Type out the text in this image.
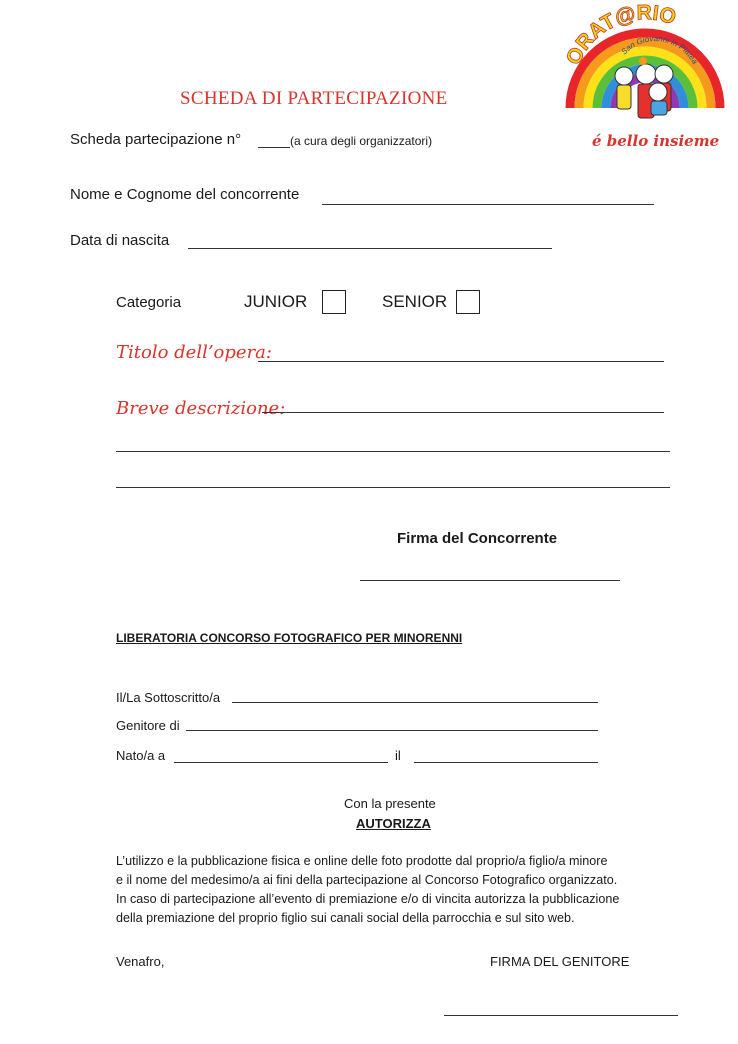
ORAT@RIO
San Giovanni in Platea
é bello insieme
SCHEDA DI PARTECIPAZIONE
Scheda partecipazione n°	(a cura degli organizzatori)
Nome e Cognome del concorrente
Data di nascita
Categoria	JUNIOR	SENIOR
Titolo dell’opera:
Breve descrizione:
Firma del Concorrente
LIBERATORIA CONCORSO FOTOGRAFICO PER MINORENNI
Il/La Sottoscritto/a
Genitore di
Nato/a a	il
Con la presente
AUTORIZZA
L’utilizzo e la pubblicazione fisica e online delle foto prodotte dal proprio/a figlio/a minore
e il nome del medesimo/a ai fini della partecipazione al Concorso Fotografico organizzato.
In caso di partecipazione all’evento di premiazione e/o di vincita autorizza la pubblicazione
della premiazione del proprio figlio sui canali social della parrocchia e sul sito web.
Venafro,	FIRMA DEL GENITORE
